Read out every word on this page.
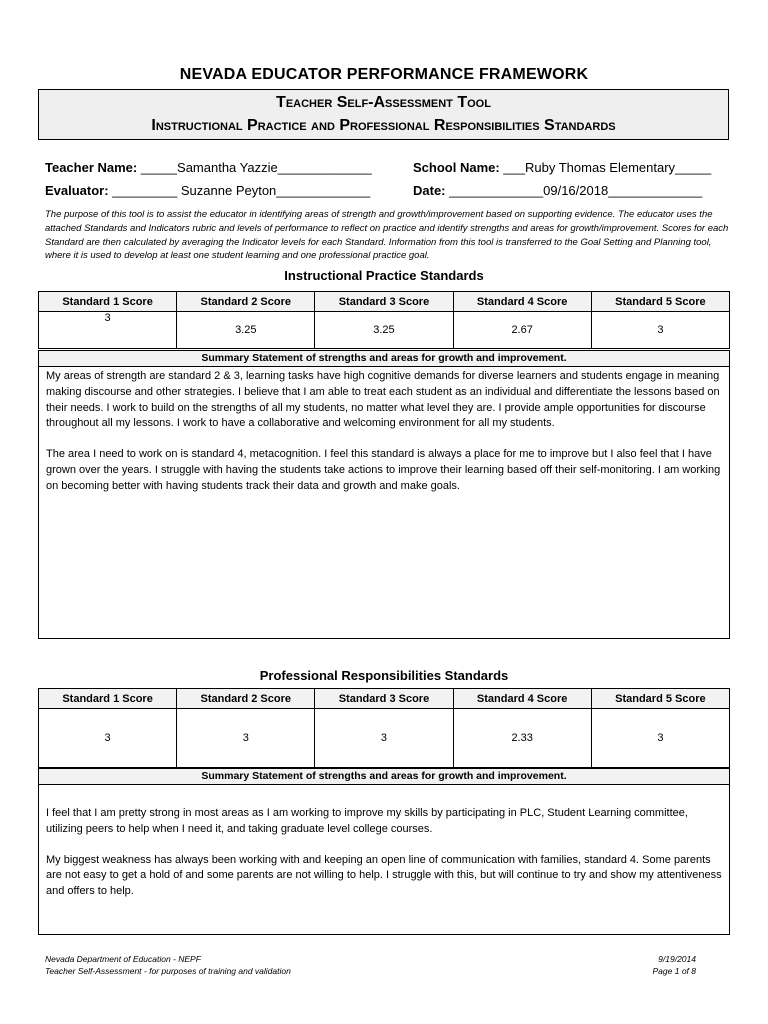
NEVADA EDUCATOR PERFORMANCE FRAMEWORK
Teacher Self-Assessment Tool
Instructional Practice and Professional Responsibilities Standards
Teacher Name: _____Samantha Yazzie_____________
Evaluator: _________ Suzanne Peyton_____________
School Name: ___Ruby Thomas Elementary_____
Date: _____________09/16/2018_____________
The purpose of this tool is to assist the educator in identifying areas of strength and growth/improvement based on supporting evidence. The educator uses the attached Standards and Indicators rubric and levels of performance to reflect on practice and identify strengths and areas for growth/improvement. Scores for each Standard are then calculated by averaging the Indicator levels for each Standard. Information from this tool is transferred to the Goal Setting and Planning tool, where it is used to develop at least one student learning and one professional practice goal.
Instructional Practice Standards
Standard 1 Score	Standard 2 Score	Standard 3 Score	Standard 4 Score	Standard 5 Score
3	3.25	3.25	2.67	3
Summary Statement of strengths and areas for growth and improvement.

My areas of strength are standard 2 & 3, learning tasks have high cognitive demands for diverse learners and students engage in meaning making discourse and other strategies. I believe that I am able to treat each student as an individual and differentiate the lessons based on their needs. I work to build on the strengths of all my students, no matter what level they are. I provide ample opportunities for discourse throughout all my lessons. I work to have a collaborative and welcoming environment for all my students.

The area I need to work on is standard 4, metacognition. I feel this standard is always a place for me to improve but I also feel that I have grown over the years. I struggle with having the students take actions to improve their learning based off their self-monitoring. I am working on becoming better with having students track their data and growth and make goals.

Professional Responsibilities Standards
Standard 1 Score	Standard 2 Score	Standard 3 Score	Standard 4 Score	Standard 5 Score
3	3	3	2.33	3
Summary Statement of strengths and areas for growth and improvement.

I feel that I am pretty strong in most areas as I am working to improve my skills by participating in PLC, Student Learning committee, utilizing peers to help when I need it, and taking graduate level college courses.

My biggest weakness has always been working with and keeping an open line of communication with families, standard 4. Some parents are not easy to get a hold of and some parents are not willing to help. I struggle with this, but will continue to try and show my attentiveness and offers to help.

Nevada Department of Education - NEPF
Teacher Self-Assessment - for purposes of training and validation
9/19/2014
Page 1 of 8
